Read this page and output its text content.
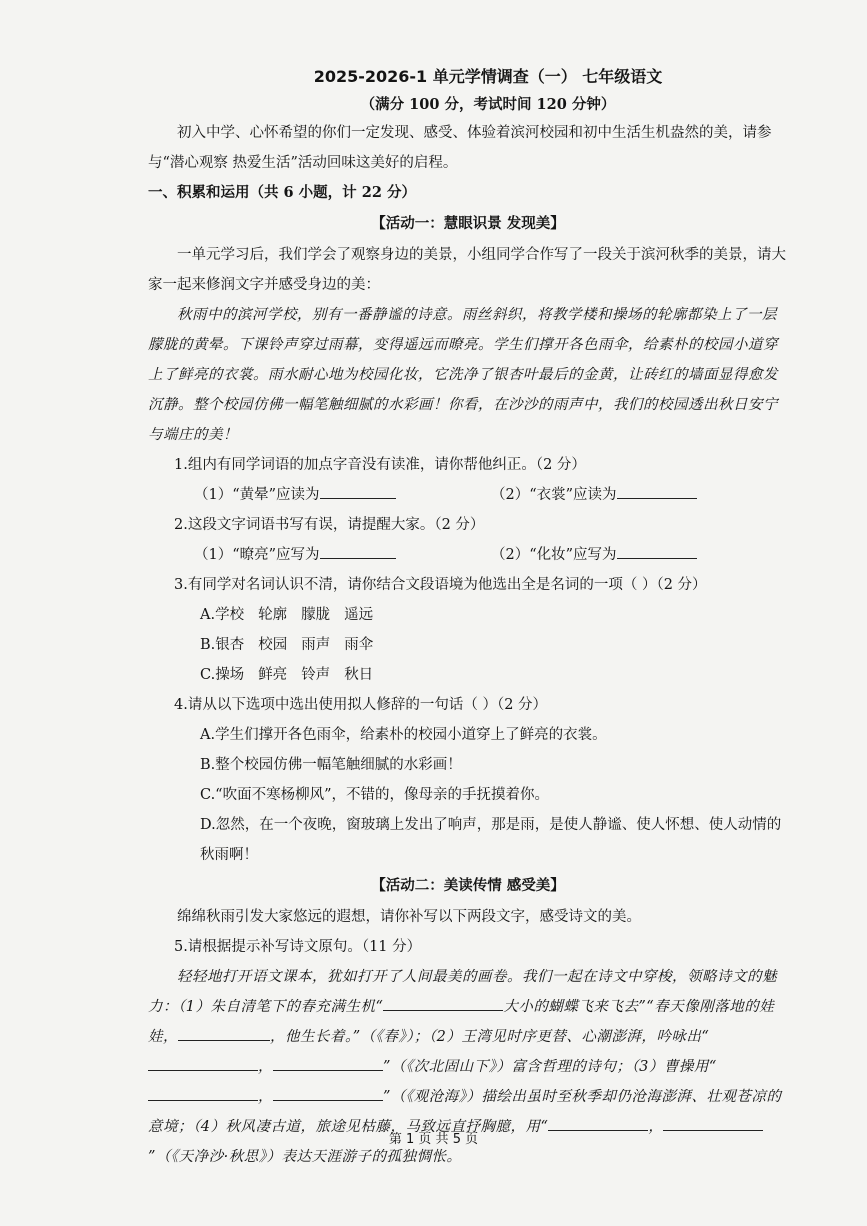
2025-2026-1 单元学情调查（一） 七年级语文
（满分 100 分，考试时间 120 分钟）

初入中学、心怀希望的你们一定发现、感受、体验着滨河校园和初中生活生机盎然的美，请参与“潜心观察 热爱生活”活动回味这美好的启程。

一、积累和运用（共 6 小题，计 22 分）

【活动一：慧眼识景 发现美】

一单元学习后，我们学会了观察身边的美景，小组同学合作写了一段关于滨河秋季的美景，请大家一起来修润文字并感受身边的美：

秋雨中的滨河学校，别有一番静谧的诗意。雨丝斜织，将教学楼和操场的轮廓都染上了一层朦胧的黄晕。下课铃声穿过雨幕，变得遥远而暸亮。学生们撑开各色雨伞，给素朴的校园小道穿上了鲜亮的衣裳。雨水耐心地为校园化妆，它洗净了银杏叶最后的金黄，让砖红的墙面显得愈发沉静。整个校园仿佛一幅笔触细腻的水彩画！你看，在沙沙的雨声中，我们的校园透出秋日安宁与端庄的美！

1.组内有同学词语的加点字音没有读准，请你帮他纠正。（2 分）

（1）“黄晕”应读为	（2）“衣裳”应读为

2.这段文字词语书写有误，请提醒大家。（2 分）

（1）“暸亮”应写为	（2）“化妆”应写为

3.有同学对名词认识不清，请你结合文段语境为他选出全是名词的一项（ ）（2 分）

A.学校 轮廓 朦胧 遥远

B.银杏 校园 雨声 雨伞

C.操场 鲜亮 铃声 秋日

4.请从以下选项中选出使用拟人修辞的一句话（ ）（2 分）

A.学生们撑开各色雨伞，给素朴的校园小道穿上了鲜亮的衣裳。

B.整个校园仿佛一幅笔触细腻的水彩画！

C.“吹面不寒杨柳风”，不错的，像母亲的手抚摸着你。

D.忽然，在一个夜晚，窗玻璃上发出了响声，那是雨，是使人静谧、使人怀想、使人动情的秋雨啊！

【活动二：美读传情 感受美】

绵绵秋雨引发大家悠远的遐想，请你补写以下两段文字，感受诗文的美。

5.请根据提示补写诗文原句。（11 分）

轻轻地打开语文课本，犹如打开了人间最美的画卷。我们一起在诗文中穿梭，领略诗文的魅力：（1）朱自清笔下的春充满生机“	大小的蝴蝶飞来飞去”“春天像刚落地的娃娃，	，他生长着。”（《春》）；（2）王湾见时序更替、心潮澎湃，吟咏出“，	”（《次北固山下》）富含哲理的诗句；（3）曹操用“，	”（《观沧海》）描绘出虽时至秋季却仍沧海澎湃、壮观苍凉的意境；（4）秋风凄古道，旅途见枯藤，马致远直抒胸臆，用“	，”（《天净沙·秋思》）表达天涯游子的孤独惆怅。

第 1 页 共 5 页
